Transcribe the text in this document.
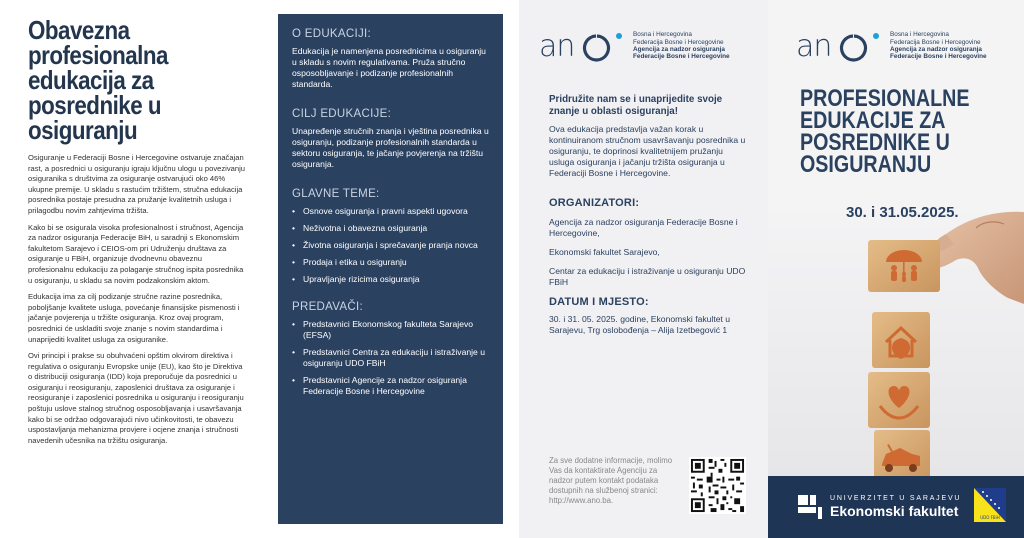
Obavezna profesionalna edukacija za posrednike u osiguranju

Osiguranje u Federaciji Bosne i Hercegovine ostvaruje značajan rast, a posrednici u osiguranju igraju ključnu ulogu u povezivanju osiguranika s društvima za osiguranje ostvarujući oko 46% ukupne premije. U skladu s rastućim tržištem, stručna edukacija posrednika postaje presudna za pružanje kvalitetnih usluga i prilagodbu novim zahtjevima tržišta.

Kako bi se osigurala visoka profesionalnost i stručnost, Agencija za nadzor osiguranja Federacije BiH, u saradnji s Ekonomskim fakultetom Sarajevo i CEIOS-om pri Udruženju društava za osiguranje u FBiH, organizuje dvodnevnu obaveznu profesionalnu edukaciju za polaganje stručnog ispita posrednika u osiguranju, u skladu sa novim podzakonskim aktom.

Edukacija ima za cilj podizanje stručne razine posrednika, poboljšanje kvalitete usluga, povećanje finansijske pismenosti i jačanje povjerenja u tržište osiguranja. Kroz ovaj program, posrednici će uskladiti svoje znanje s novim standardima i unaprijediti kvalitet usluga za osiguranike.

Ovi principi i prakse su obuhvaćeni opštim okvirom direktiva i regulativa o osiguranju Evropske unije (EU), kao što je Direktiva o distribuciji osiguranja (IDD) koja preporučuje da posrednici u osiguranju i reosiguranju, zaposlenici društava za osiguranje i reosiguranje i zaposlenici posrednika u osiguranju i reosiguranju poštuju uslove stalnog stručnog osposobljavanja i usavršavanja kako bi se održao odgovarajući nivo učinkovitosti, te obavezu uspostavljanja mehanizma provjere i ocjene znanja i stručnosti navedenih učesnika na tržištu osiguranja.

O EDUKACIJI:
Edukacija je namenjena posrednicima u osiguranju u skladu s novim regulativama. Pruža stručno osposobljavanje i podizanje profesionalnih standarda.
CILJ EDUKACIJE:
Unapređenje stručnih znanja i vještina posrednika u osiguranju, podizanje profesionalnih standarda u sektoru osiguranja, te jačanje povjerenja na tržištu osiguranja.
GLAVNE TEME:
• Osnove osiguranja i pravni aspekti ugovora
• Neživotna i obavezna osiguranja
• Životna osiguranja i sprečavanje pranja novca
• Prodaja i etika u osiguranju
• Upravljanje rizicima osiguranja
PREDAVAČI:
• Predstavnici Ekonomskog fakulteta Sarajevo (EFSA)
• Predstavnici Centra za edukaciju i istraživanje u osiguranju UDO FBiH
• Predstavnici Agencije za nadzor osiguranja Federacije Bosne i Hercegovine
an	Bosna i Hercegovina
Federacija Bosne i Hercegovine
Agencija za nadzor osiguranja
Federacije Bosne i Hercegovine
Pridružite nam se i unaprijedite svoje znanje u oblasti osiguranja!
Ova edukacija predstavlja važan korak u kontinuiranom stručnom usavršavanju posrednika u osiguranju, te doprinosi kvalitetnijem pružanju usluga osiguranja i jačanju tržišta osiguranja u Federaciji Bosne i Hercegovine.
ORGANIZATORI:
Agencija za nadzor osiguranja Federacije Bosne i Hercegovine,
Ekonomski fakultet Sarajevo,
Centar za edukaciju i istraživanje u osiguranju UDO FBiH
DATUM I MJESTO:
30. i 31. 05. 2025. godine, Ekonomski fakultet u Sarajevu, Trg oslobođenja – Alija Izetbegović 1
Za sve dodatne informacije, molimo Vas da kontaktirate Agenciju za nadzor putem kontakt podataka dostupnih na službenoj stranici: http://www.ano.ba.
an	Bosna i Hercegovina
Federacija Bosne i Hercegovine
Agencija za nadzor osiguranja
Federacije Bosne i Hercegovine
PROFESIONALNE EDUKACIJE ZA POSREDNIKE U OSIGURANJU
30. i 31.05.2025.
UNIVERZITET U SARAJEVU
Ekonomski fakultet	UDO FBiH
